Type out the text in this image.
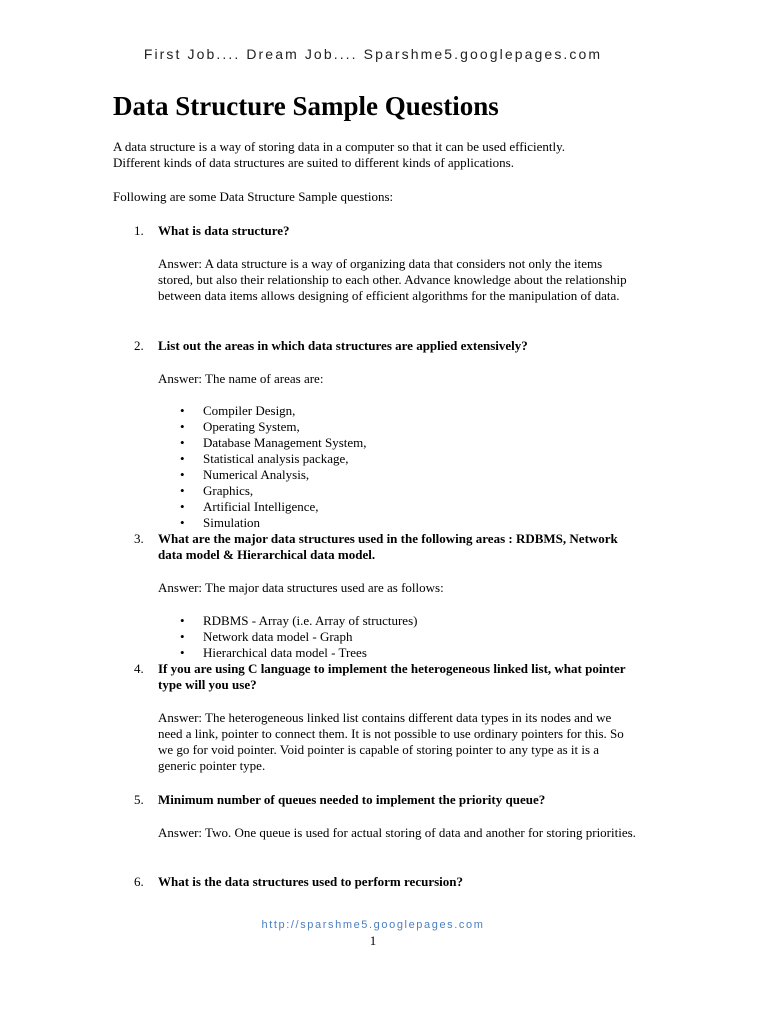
First Job.... Dream Job.... Sparshme5.googlepages.com
Data Structure Sample Questions

A data structure is a way of storing data in a computer so that it can be used efficiently.
Different kinds of data structures are suited to different kinds of applications.

Following are some Data Structure Sample questions:

1. What is data structure?

Answer: A data structure is a way of organizing data that considers not only the items stored, but also their relationship to each other. Advance knowledge about the relationship between data items allows designing of efficient algorithms for the manipulation of data.

2. List out the areas in which data structures are applied extensively?

Answer: The name of areas are:

• Compiler Design,
• Operating System,
• Database Management System,
• Statistical analysis package,
• Numerical Analysis,
• Graphics,
• Artificial Intelligence,
• Simulation
3. What are the major data structures used in the following areas : RDBMS, Network data model & Hierarchical data model.

Answer: The major data structures used are as follows:

• RDBMS - Array (i.e. Array of structures)
• Network data model - Graph
• Hierarchical data model - Trees
4. If you are using C language to implement the heterogeneous linked list, what pointer type will you use?

Answer: The heterogeneous linked list contains different data types in its nodes and we need a link, pointer to connect them. It is not possible to use ordinary pointers for this. So we go for void pointer. Void pointer is capable of storing pointer to any type as it is a generic pointer type.

5. Minimum number of queues needed to implement the priority queue?

Answer: Two. One queue is used for actual storing of data and another for storing priorities.

6. What is the data structures used to perform recursion?
http://sparshme5.googlepages.com
1
